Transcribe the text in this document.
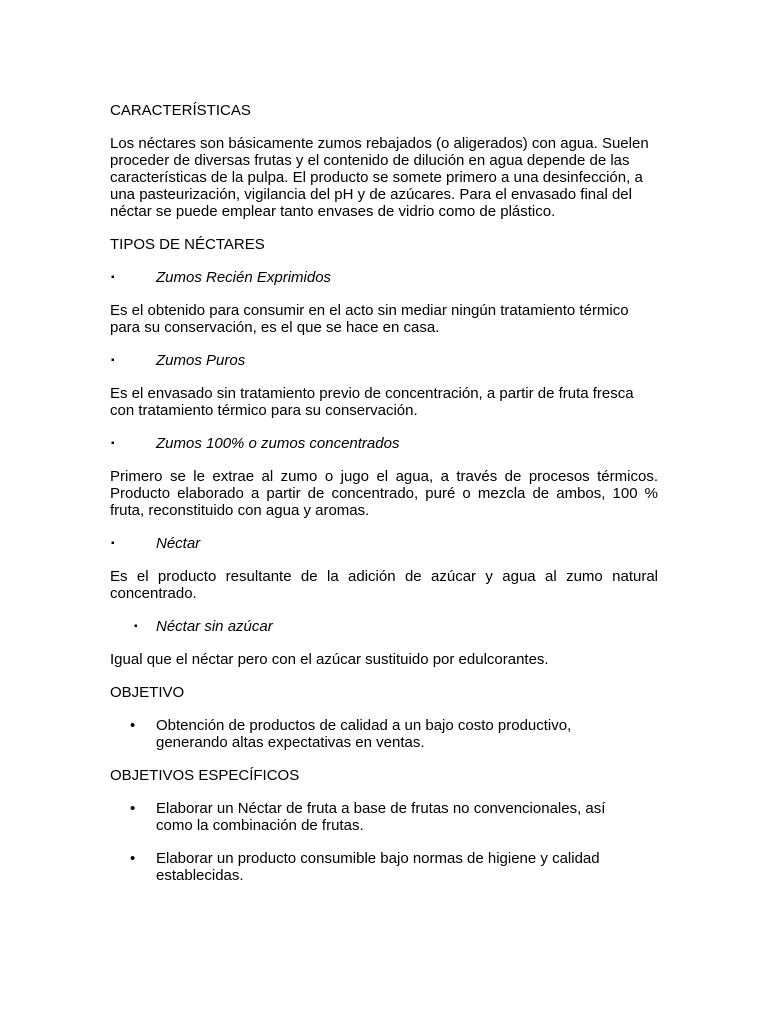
CARACTERÍSTICAS
Los néctares son básicamente zumos rebajados (o aligerados) con agua. Suelen proceder de diversas frutas y el contenido de dilución en agua depende de las características de la pulpa. El producto se somete primero a una desinfección, a una pasteurización, vigilancia del pH y de azúcares. Para el envasado final del néctar se puede emplear tanto envases de vidrio como de plástico.
TIPOS DE NÉCTARES
▪	Zumos Recién Exprimidos
Es el obtenido para consumir en el acto sin mediar ningún tratamiento térmico para su conservación, es el que se hace en casa.
▪	Zumos Puros
Es el envasado sin tratamiento previo de concentración, a partir de fruta fresca con tratamiento térmico para su conservación.
▪	Zumos 100% o zumos concentrados
Primero se le extrae al zumo o jugo el agua, a través de procesos térmicos. Producto elaborado a partir de concentrado, puré o mezcla de ambos, 100 % fruta, reconstituido con agua y aromas.
▪	Néctar
Es el producto resultante de la adición de azúcar y agua al zumo natural concentrado.
▪	Néctar sin azúcar
Igual que el néctar pero con el azúcar sustituido por edulcorantes.
OBJETIVO
•	Obtención de productos de calidad a un bajo costo productivo, generando altas expectativas en ventas.
OBJETIVOS ESPECÍFICOS
•	Elaborar un Néctar de fruta a base de frutas no convencionales, así como la combinación de frutas.
•	Elaborar un producto consumible bajo normas de higiene y calidad establecidas.
